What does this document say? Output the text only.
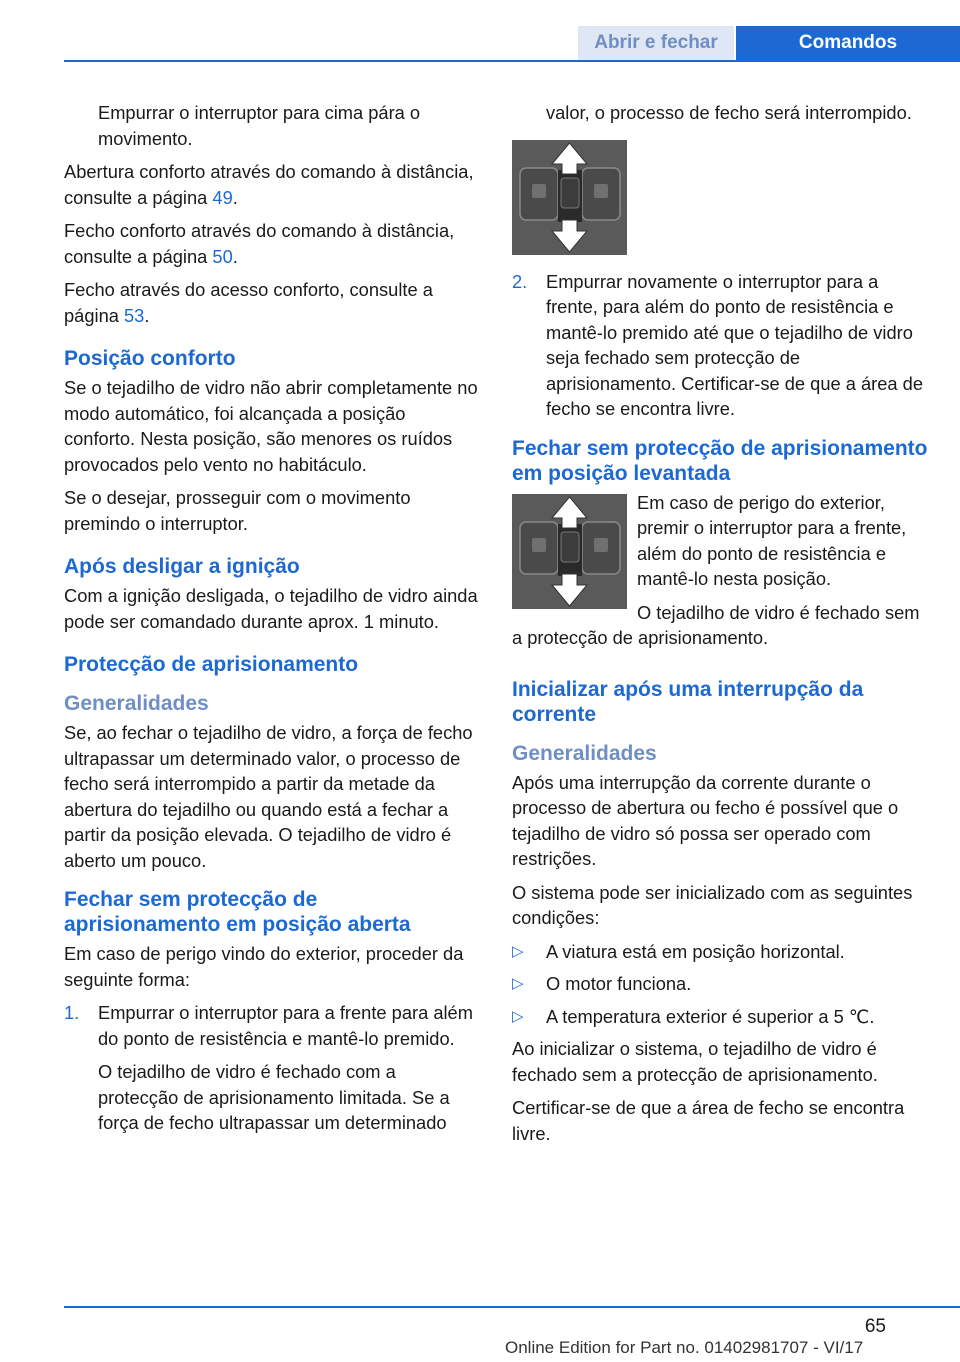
Abrir e fechar	Comandos

Empurrar o interruptor para cima pára o movimento.

Abertura conforto através do comando à distância, consulte a página 49.

Fecho conforto através do comando à distância, consulte a página 50.

Fecho através do acesso conforto, consulte a página 53.

Posição conforto

Se o tejadilho de vidro não abrir completamente no modo automático, foi alcançada a posição conforto. Nesta posição, são menores os ruídos provocados pelo vento no habitáculo.

Se o desejar, prosseguir com o movimento premindo o interruptor.

Após desligar a ignição

Com a ignição desligada, o tejadilho de vidro ainda pode ser comandado durante aprox. 1 minuto.

Protecção de aprisionamento
Generalidades

Se, ao fechar o tejadilho de vidro, a força de fecho ultrapassar um determinado valor, o processo de fecho será interrompido a partir da metade da abertura do tejadilho ou quando está a fechar a partir da posição elevada. O tejadilho de vidro é aberto um pouco.

Fechar sem protecção de aprisionamento em posição aberta

Em caso de perigo vindo do exterior, proceder da seguinte forma:

1. Empurrar o interruptor para a frente para além do ponto de resistência e mantê-lo premido.

O tejadilho de vidro é fechado com a protecção de aprisionamento limitada. Se a força de fecho ultrapassar um determinado

valor, o processo de fecho será interrompido.

2. Empurrar novamente o interruptor para a frente, para além do ponto de resistência e mantê-lo premido até que o tejadilho de vidro seja fechado sem protecção de aprisionamento. Certificar-se de que a área de fecho se encontra livre.

Fechar sem protecção de aprisionamento em posição levantada

Em caso de perigo do exterior, premir o interruptor para a frente, além do ponto de resistência e mantê-lo nesta posição.

O tejadilho de vidro é fechado sem a protecção de aprisionamento.

Inicializar após uma interrupção da corrente
Generalidades

Após uma interrupção da corrente durante o processo de abertura ou fecho é possível que o tejadilho de vidro só possa ser operado com restrições.

O sistema pode ser inicializado com as seguintes condições:

▷ A viatura está em posição horizontal.
▷ O motor funciona.
▷ A temperatura exterior é superior a 5 ℃.

Ao inicializar o sistema, o tejadilho de vidro é fechado sem a protecção de aprisionamento.

Certificar-se de que a área de fecho se encontra livre.

65
Online Edition for Part no. 01402981707 - VI/17
